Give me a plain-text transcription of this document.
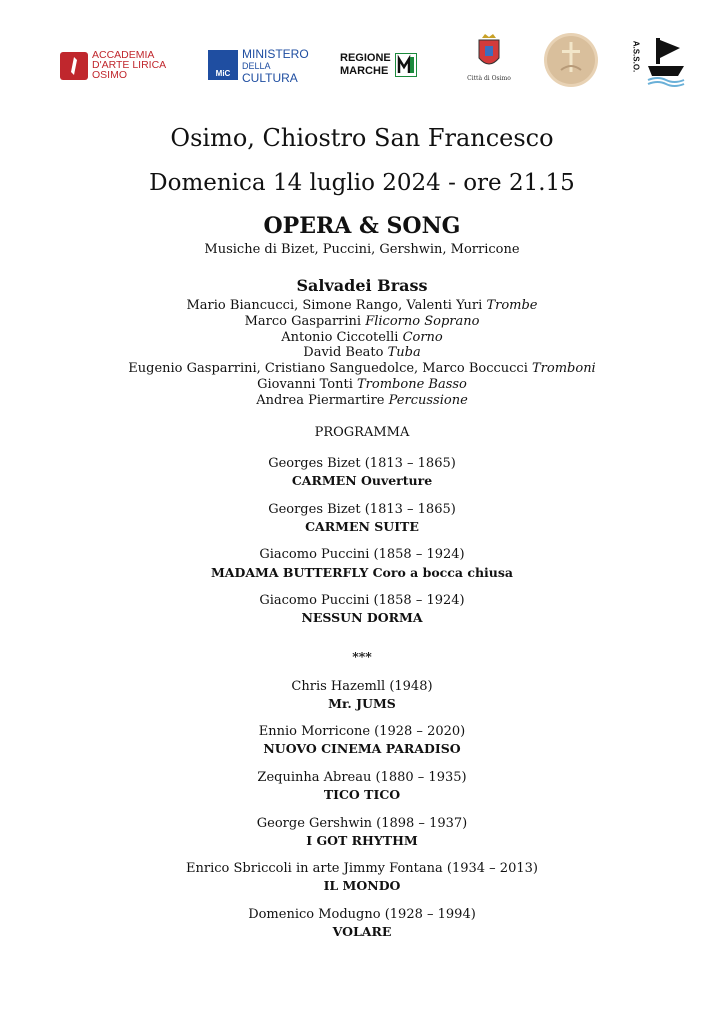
ACCADEMIA
D'ARTE LIRICA
OSIMO	MiC
MINISTERO
DELLA
CULTURA
REGIONE
MARCHE
Città di Osimo
A.S.S.O.
Osimo, Chiostro San Francesco
Domenica 14 luglio 2024 - ore 21.15
OPERA & SONG
Musiche di Bizet, Puccini, Gershwin, Morricone
Salvadei Brass
Mario Biancucci, Simone Rango, Valenti Yuri Trombe
Marco Gasparrini Flicorno Soprano
Antonio Ciccotelli Corno
David Beato Tuba
Eugenio Gasparrini, Cristiano Sanguedolce, Marco Boccucci Tromboni
Giovanni Tonti Trombone Basso
Andrea Piermartire Percussione
PROGRAMMA
Georges Bizet (1813 – 1865)
CARMEN Ouverture
Georges Bizet (1813 – 1865)
CARMEN SUITE
Giacomo Puccini (1858 – 1924)
MADAMA BUTTERFLY Coro a bocca chiusa
Giacomo Puccini (1858 – 1924)
NESSUN DORMA
***
Chris Hazemll (1948)
Mr. JUMS
Ennio Morricone (1928 – 2020)
NUOVO CINEMA PARADISO
Zequinha Abreau (1880 – 1935)
TICO TICO
George Gershwin (1898 – 1937)
I GOT RHYTHM
Enrico Sbriccoli in arte Jimmy Fontana (1934 – 2013)
IL MONDO
Domenico Modugno (1928 – 1994)
VOLARE
